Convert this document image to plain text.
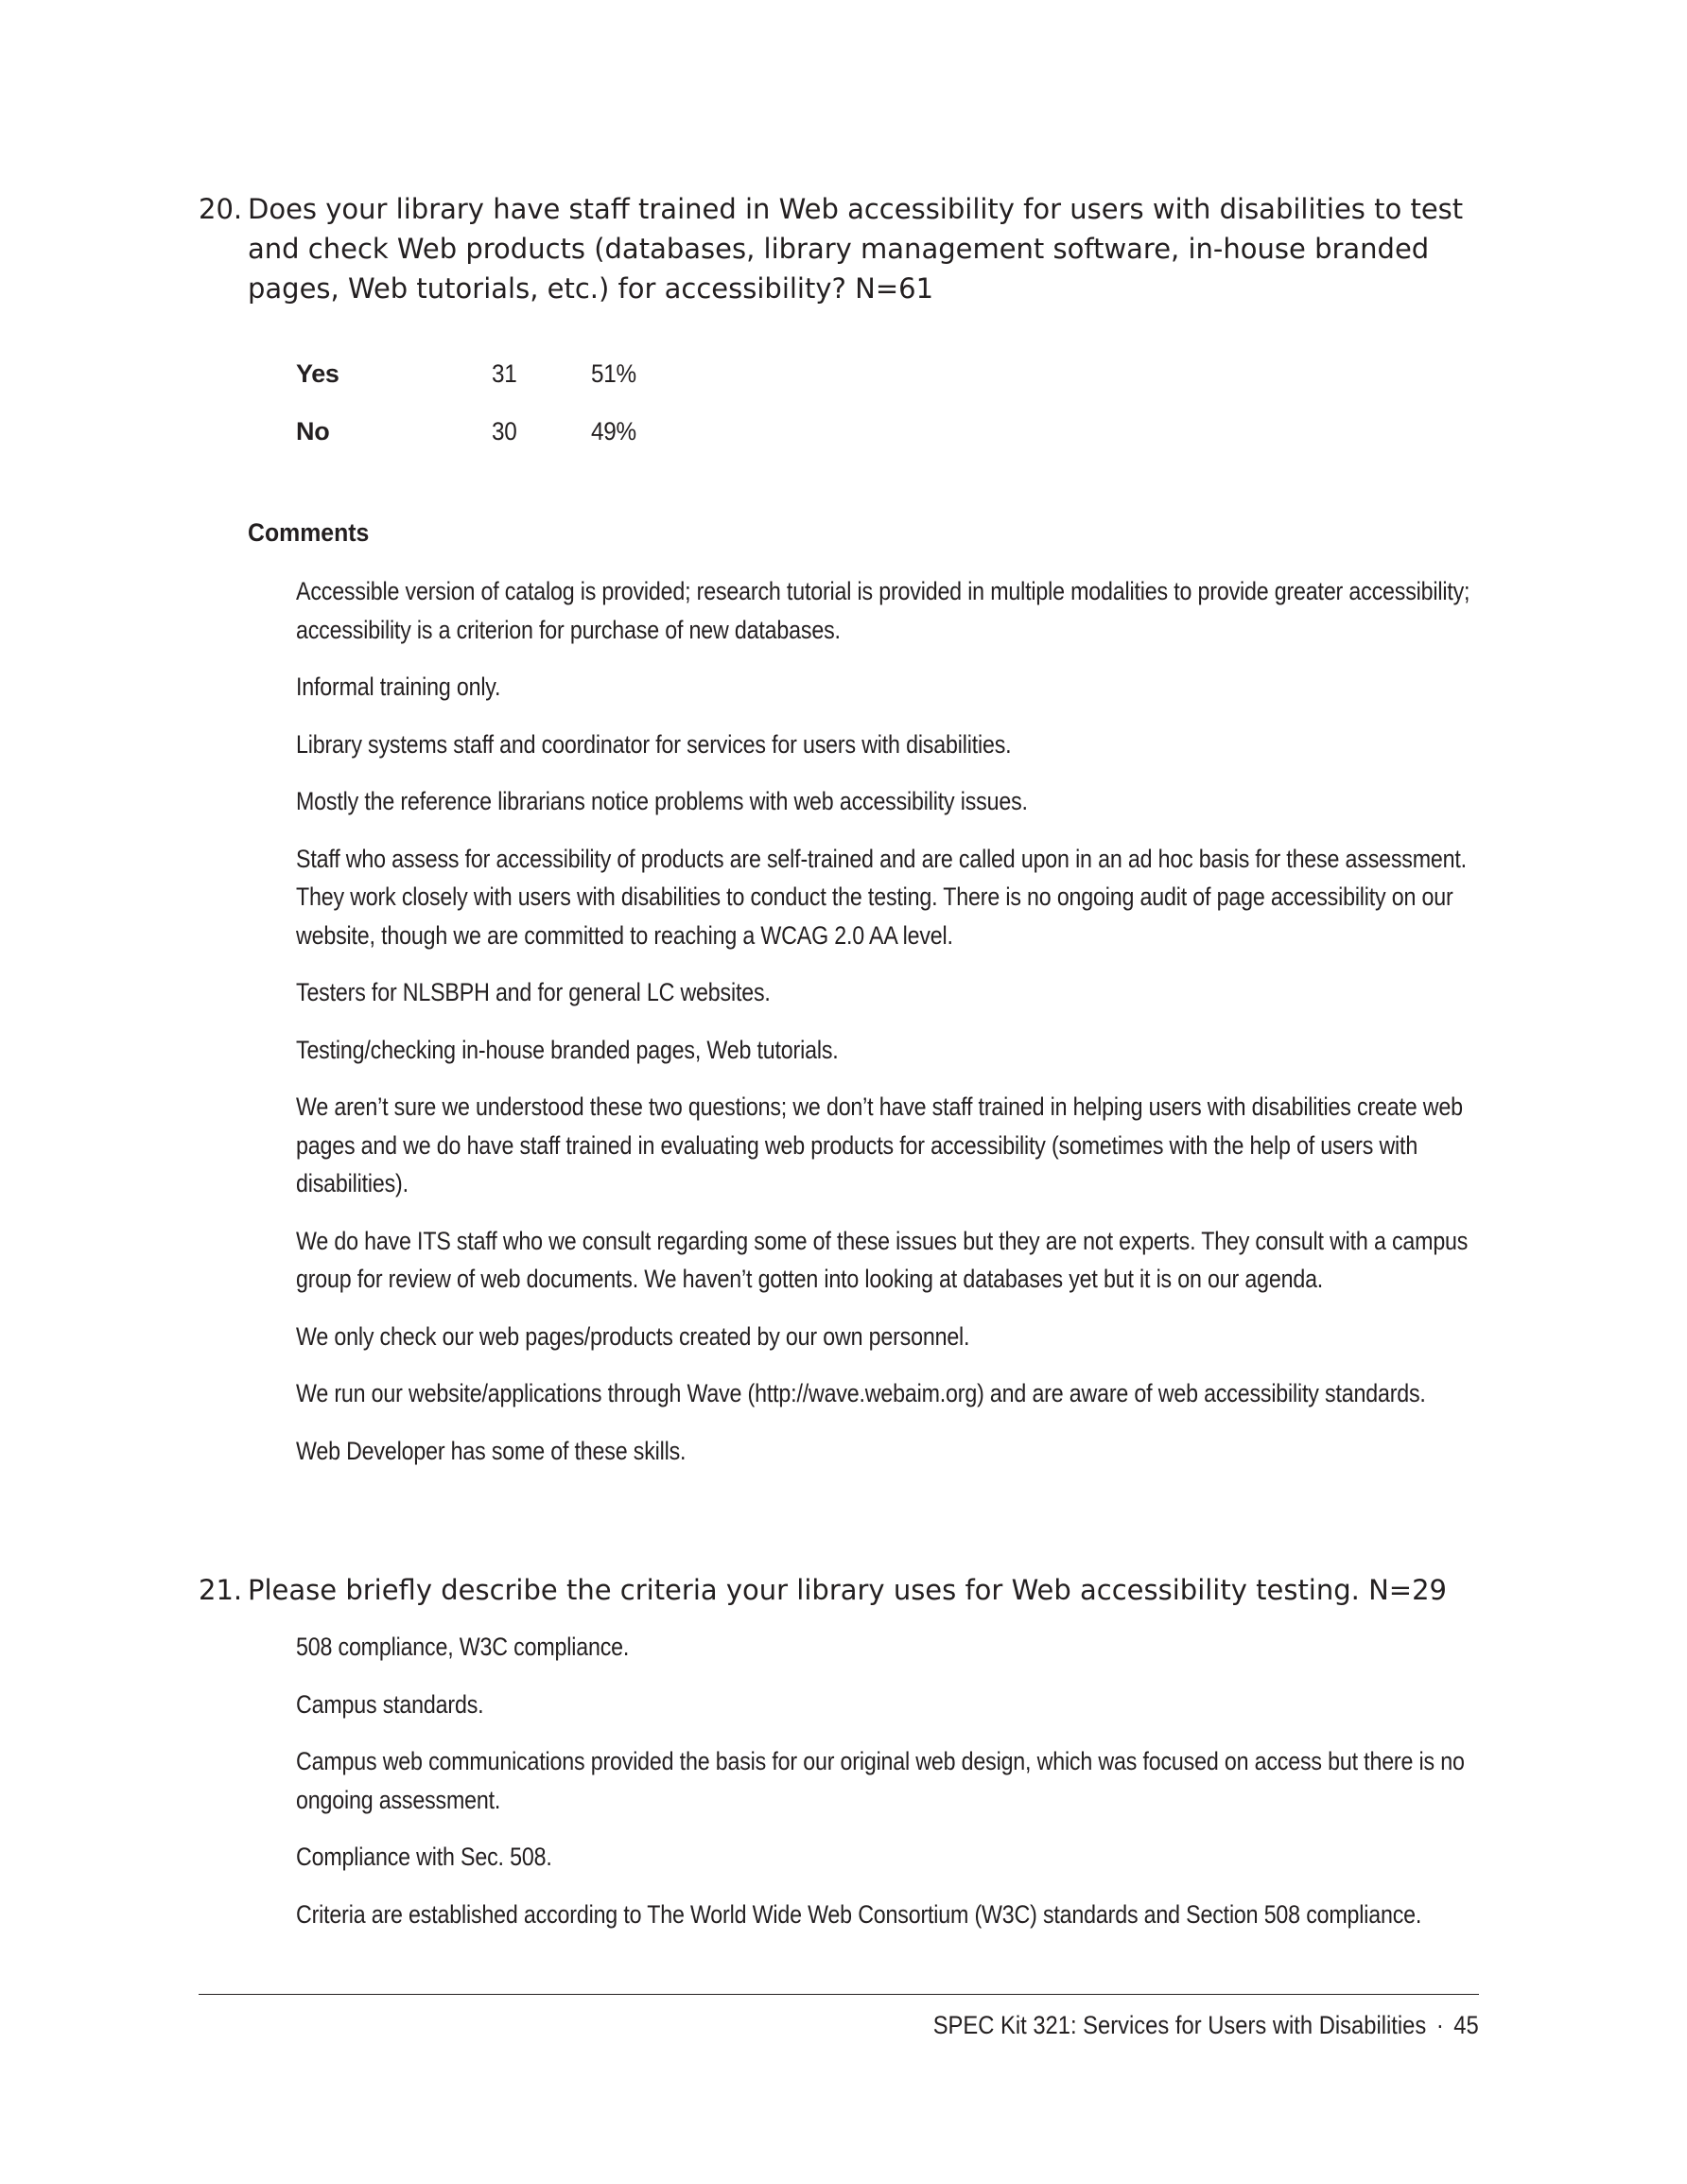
20. Does your library have staff trained in Web accessibility for users with disabilities to test and check Web products (databases, library management software, in-house branded pages, Web tutorials, etc.) for accessibility? N=61
Yes	31	51%
No	30	49%
Comments

Accessible version of catalog is provided; research tutorial is provided in multiple modalities to provide greater accessibility; accessibility is a criterion for purchase of new databases.

Informal training only.

Library systems staff and coordinator for services for users with disabilities.

Mostly the reference librarians notice problems with web accessibility issues.

Staff who assess for accessibility of products are self-trained and are called upon in an ad hoc basis for these assessment. They work closely with users with disabilities to conduct the testing. There is no ongoing audit of page accessibility on our website, though we are committed to reaching a WCAG 2.0 AA level.

Testers for NLSBPH and for general LC websites.

Testing/checking in-house branded pages, Web tutorials.

We aren’t sure we understood these two questions; we don’t have staff trained in helping users with disabilities create web pages and we do have staff trained in evaluating web products for accessibility (sometimes with the help of users with disabilities).

We do have ITS staff who we consult regarding some of these issues but they are not experts. They consult with a campus group for review of web documents. We haven’t gotten into looking at databases yet but it is on our agenda.

We only check our web pages/products created by our own personnel.

We run our website/applications through Wave (http://wave.webaim.org) and are aware of web accessibility standards.

Web Developer has some of these skills.

21. Please briefly describe the criteria your library uses for Web accessibility testing. N=29

508 compliance, W3C compliance.

Campus standards.

Campus web communications provided the basis for our original web design, which was focused on access but there is no ongoing assessment.

Compliance with Sec. 508.

Criteria are established according to The World Wide Web Consortium (W3C) standards and Section 508 compliance.

SPEC Kit 321: Services for Users with Disabilities · 45
